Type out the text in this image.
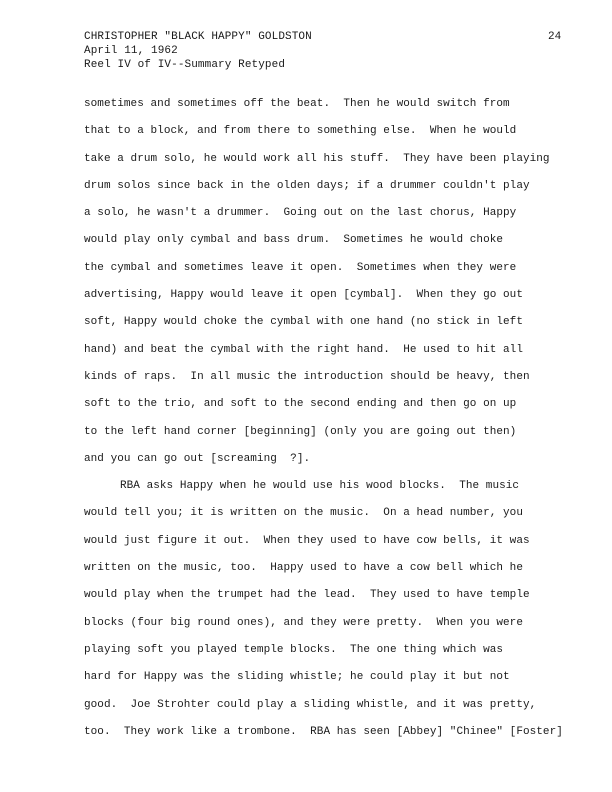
CHRISTOPHER "BLACK HAPPY" GOLDSTON
April 11, 1962
Reel IV of IV--Summary Retyped
24
sometimes and sometimes off the beat.  Then he would switch from
that to a block, and from there to something else.  When he would
take a drum solo, he would work all his stuff.  They have been playing
drum solos since back in the olden days; if a drummer couldn't play
a solo, he wasn't a drummer.  Going out on the last chorus, Happy
would play only cymbal and bass drum.  Sometimes he would choke
the cymbal and sometimes leave it open.  Sometimes when they were
advertising, Happy would leave it open [cymbal].  When they go out
soft, Happy would choke the cymbal with one hand (no stick in left
hand) and beat the cymbal with the right hand.  He used to hit all
kinds of raps.  In all music the introduction should be heavy, then
soft to the trio, and soft to the second ending and then go on up
to the left hand corner [beginning] (only you are going out then)
and you can go out [screaming  ?].
RBA asks Happy when he would use his wood blocks.  The music
would tell you; it is written on the music.  On a head number, you
would just figure it out.  When they used to have cow bells, it was
written on the music, too.  Happy used to have a cow bell which he
would play when the trumpet had the lead.  They used to have temple
blocks (four big round ones), and they were pretty.  When you were
playing soft you played temple blocks.  The one thing which was
hard for Happy was the sliding whistle; he could play it but not
good.  Joe Strohter could play a sliding whistle, and it was pretty,
too.  They work like a trombone.  RBA has seen [Abbey] "Chinee" [Foster]
